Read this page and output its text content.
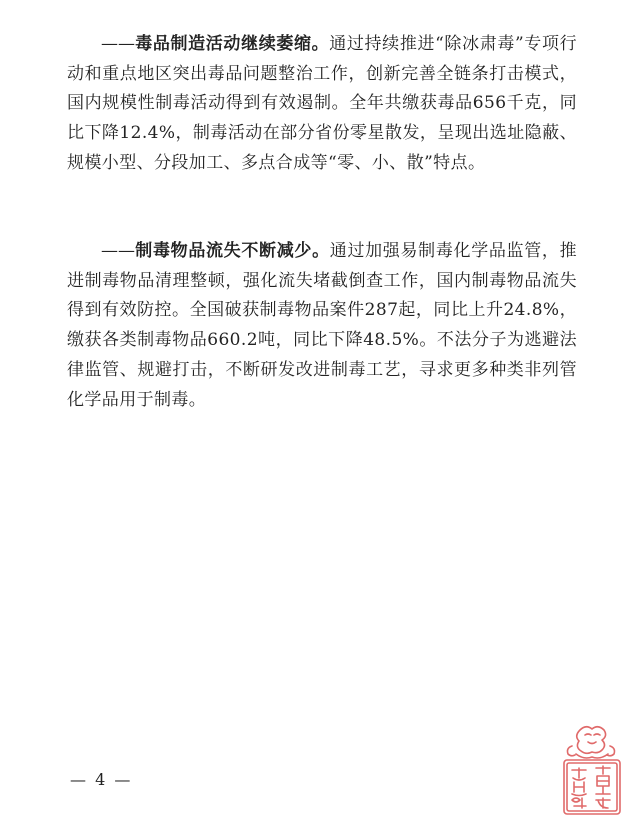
——毒品制造活动继续萎缩。通过持续推进“除冰肃毒”专项行动和重点地区突出毒品问题整治工作，创新完善全链条打击模式，国内规模性制毒活动得到有效遏制。全年共缴获毒品656千克，同比下降12.4%，制毒活动在部分省份零星散发，呈现出选址隐蔽、规模小型、分段加工、多点合成等“零、小、散”特点。

——制毒物品流失不断减少。通过加强易制毒化学品监管，推进制毒物品清理整顿，强化流失堵截倒查工作，国内制毒物品流失得到有效防控。全国破获制毒物品案件287起，同比上升24.8%，缴获各类制毒物品660.2吨，同比下降48.5%。不法分子为逃避法律监管、规避打击，不断研发改进制毒工艺，寻求更多种类非列管化学品用于制毒。

— 4 —
